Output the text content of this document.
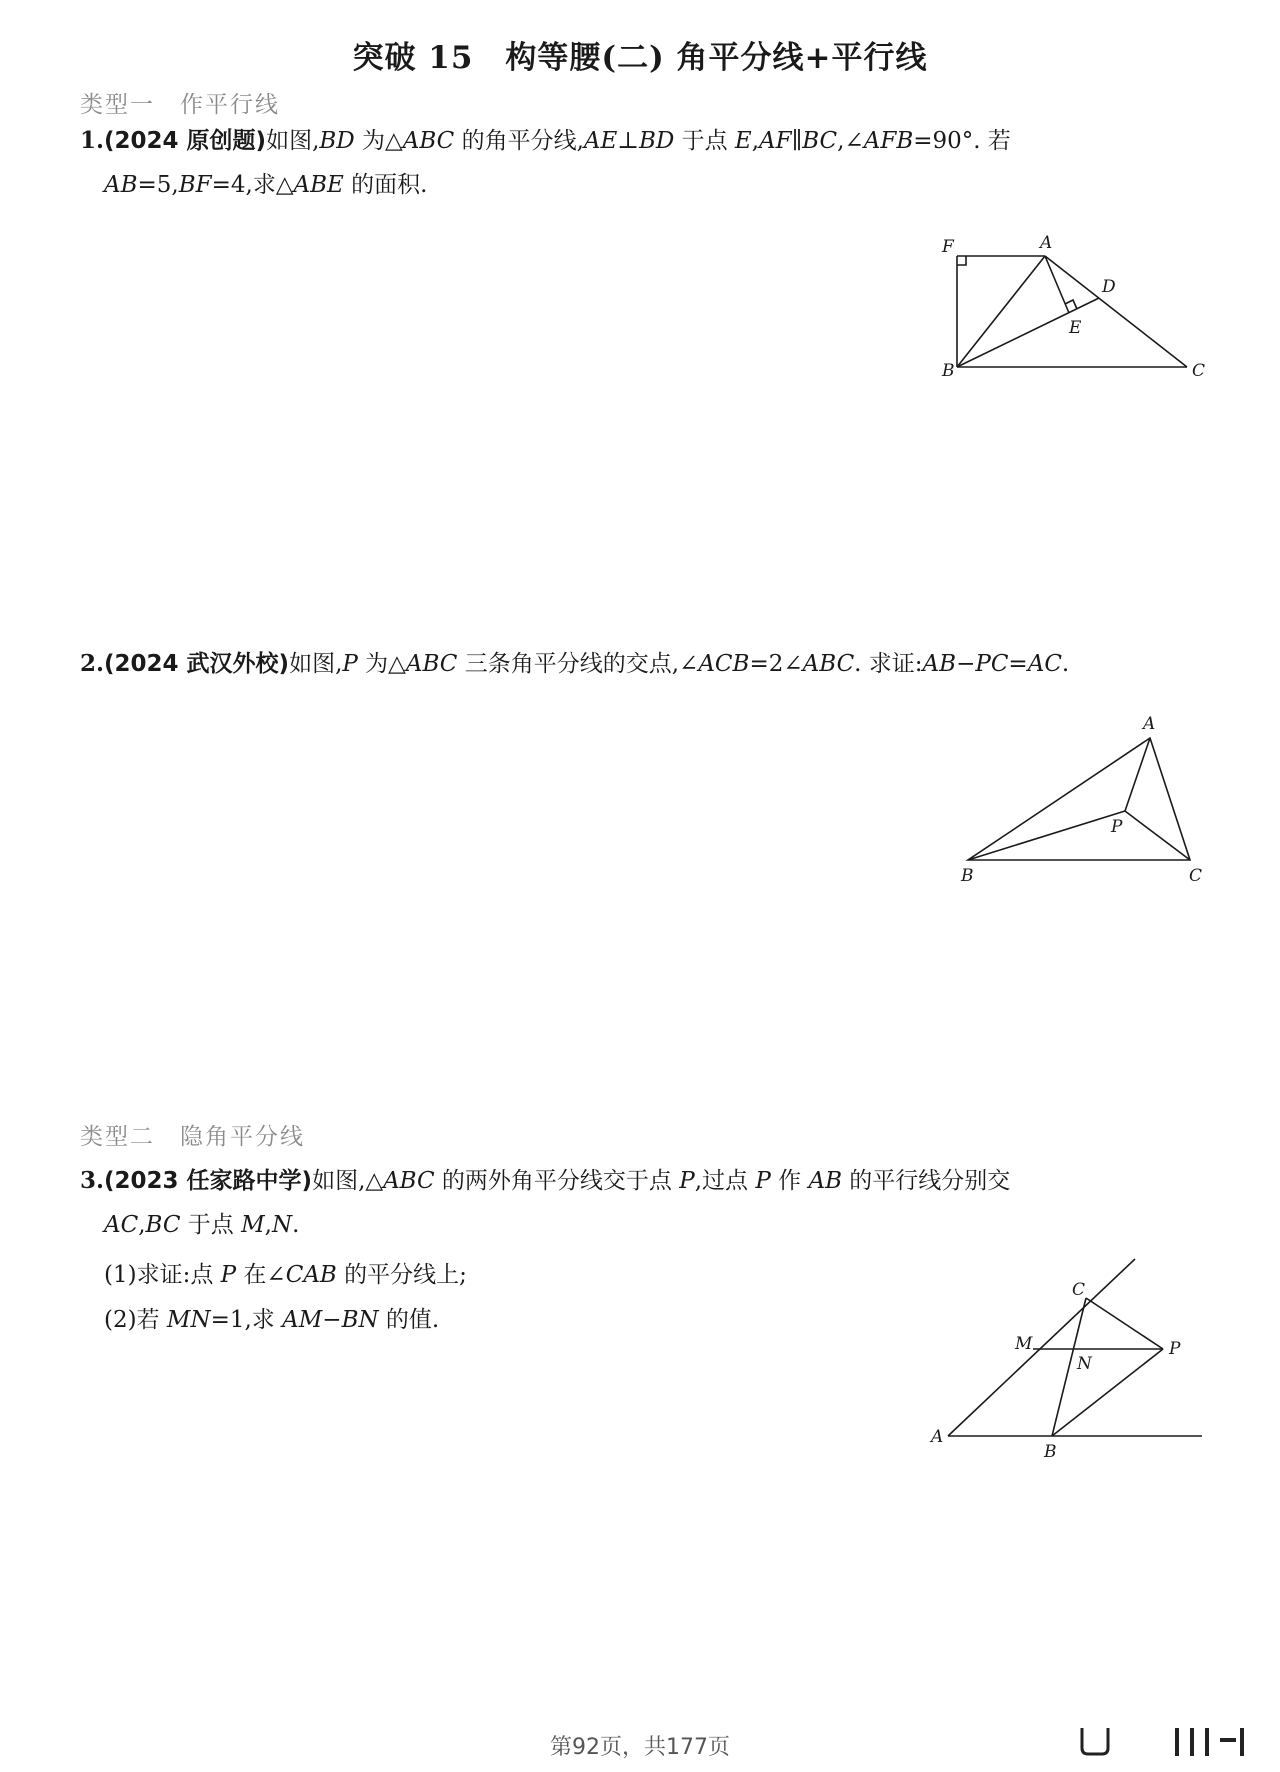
突破 15　构等腰(二) 角平分线+平行线
类型一　作平行线
1.(2024 原创题)如图,BD 为△ABC 的角平分线,AE⊥BD 于点 E,AF∥BC,∠AFB=90°. 若
AB=5,BF=4,求△ABE 的面积.
F	A
D
E
B	C
2.(2024 武汉外校)如图,P 为△ABC 三条角平分线的交点,∠ACB=2∠ABC. 求证:AB−PC=AC.
A
P
B	C
类型二　隐角平分线
3.(2023 任家路中学)如图,△ABC 的两外角平分线交于点 P,过点 P 作 AB 的平行线分别交
AC,BC 于点 M,N.
(1)求证:点 P 在∠CAB 的平分线上;
(2)若 MN=1,求 AM−BN 的值.
C
M
N
P
A
B
第92页，共177页
